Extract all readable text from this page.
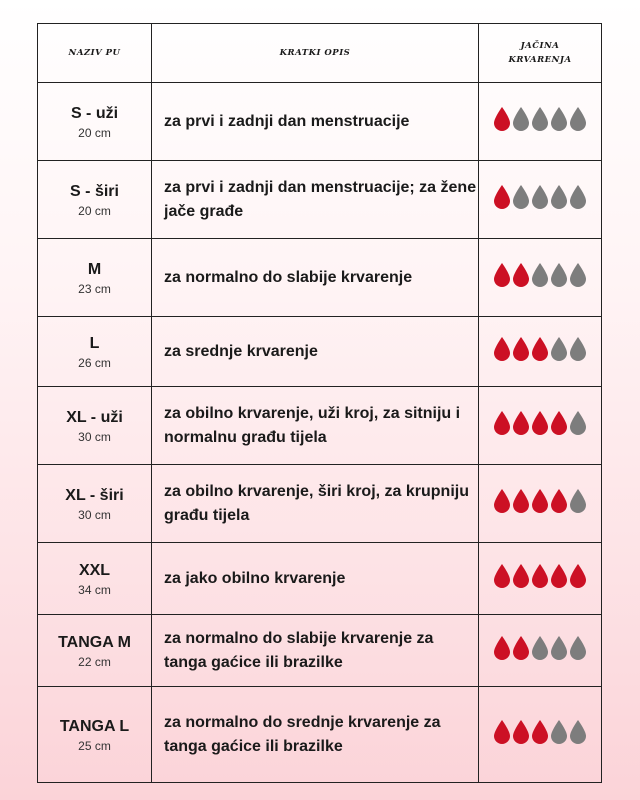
NAZIV PU	KRATKI OPIS	JAČINA
KRVARENJA

S - uži
20 cm	za prvi i zadnji dan menstruacije	

S - širi
20 cm	za prvi i zadnji dan menstruacije; za žene jače građe	

M
23 cm	za normalno do slabije krvarenje	

L
26 cm	za srednje krvarenje	

XL - uži
30 cm	za obilno krvarenje, uži kroj, za sitniju i normalnu građu tijela	

XL - širi
30 cm	za obilno krvarenje, širi kroj, za krupniju građu tijela	

XXL
34 cm	za jako obilno krvarenje	

TANGA M
22 cm	za normalno do slabije krvarenje za tanga gaćice ili brazilke	

TANGA L
25 cm	za normalno do srednje krvarenje za tanga gaćice ili brazilke	
